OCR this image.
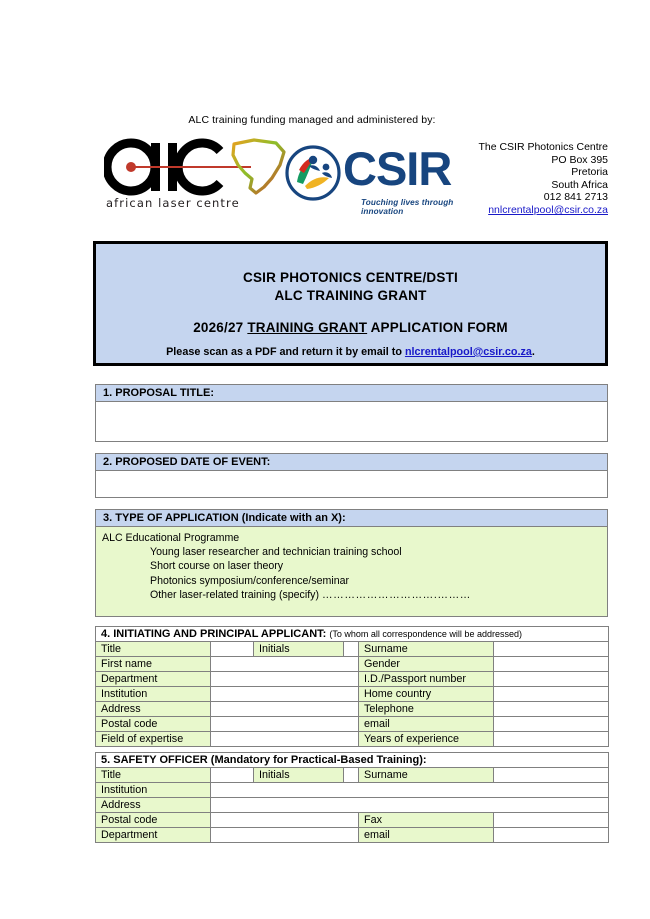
ALC training funding managed and administered by:
african laser centre
CSIR
Touching lives through innovation
The CSIR Photonics Centre
PO Box 395
Pretoria
South Africa
012 841 2713
nnlcrentalpool@csir.co.za
CSIR PHOTONICS CENTRE/DSTI
ALC TRAINING GRANT
2026/27 TRAINING GRANT APPLICATION FORM
Please scan as a PDF and return it by email to nlcrentalpool@csir.co.za.
1. PROPOSAL TITLE:
2. PROPOSED DATE OF EVENT:
3. TYPE OF APPLICATION (Indicate with an X):
ALC Educational Programme
Young laser researcher and technician training school
Short course on laser theory
Photonics symposium/conference/seminar
Other laser-related training (specify) ………………………….………
4. INITIATING AND PRINCIPAL APPLICANT: (To whom all correspondence will be addressed)					
Title		Initials		Surname	
First name				Gender	
Department				I.D./Passport number	
Institution				Home country	
Address				Telephone	
Postal code				email	
Field of expertise				Years of experience	
5. SAFETY OFFICER (Mandatory for Practical-Based Training):					
Title		Initials		Surname	
Institution					
Address					
Postal code				Fax	
Department				email	
